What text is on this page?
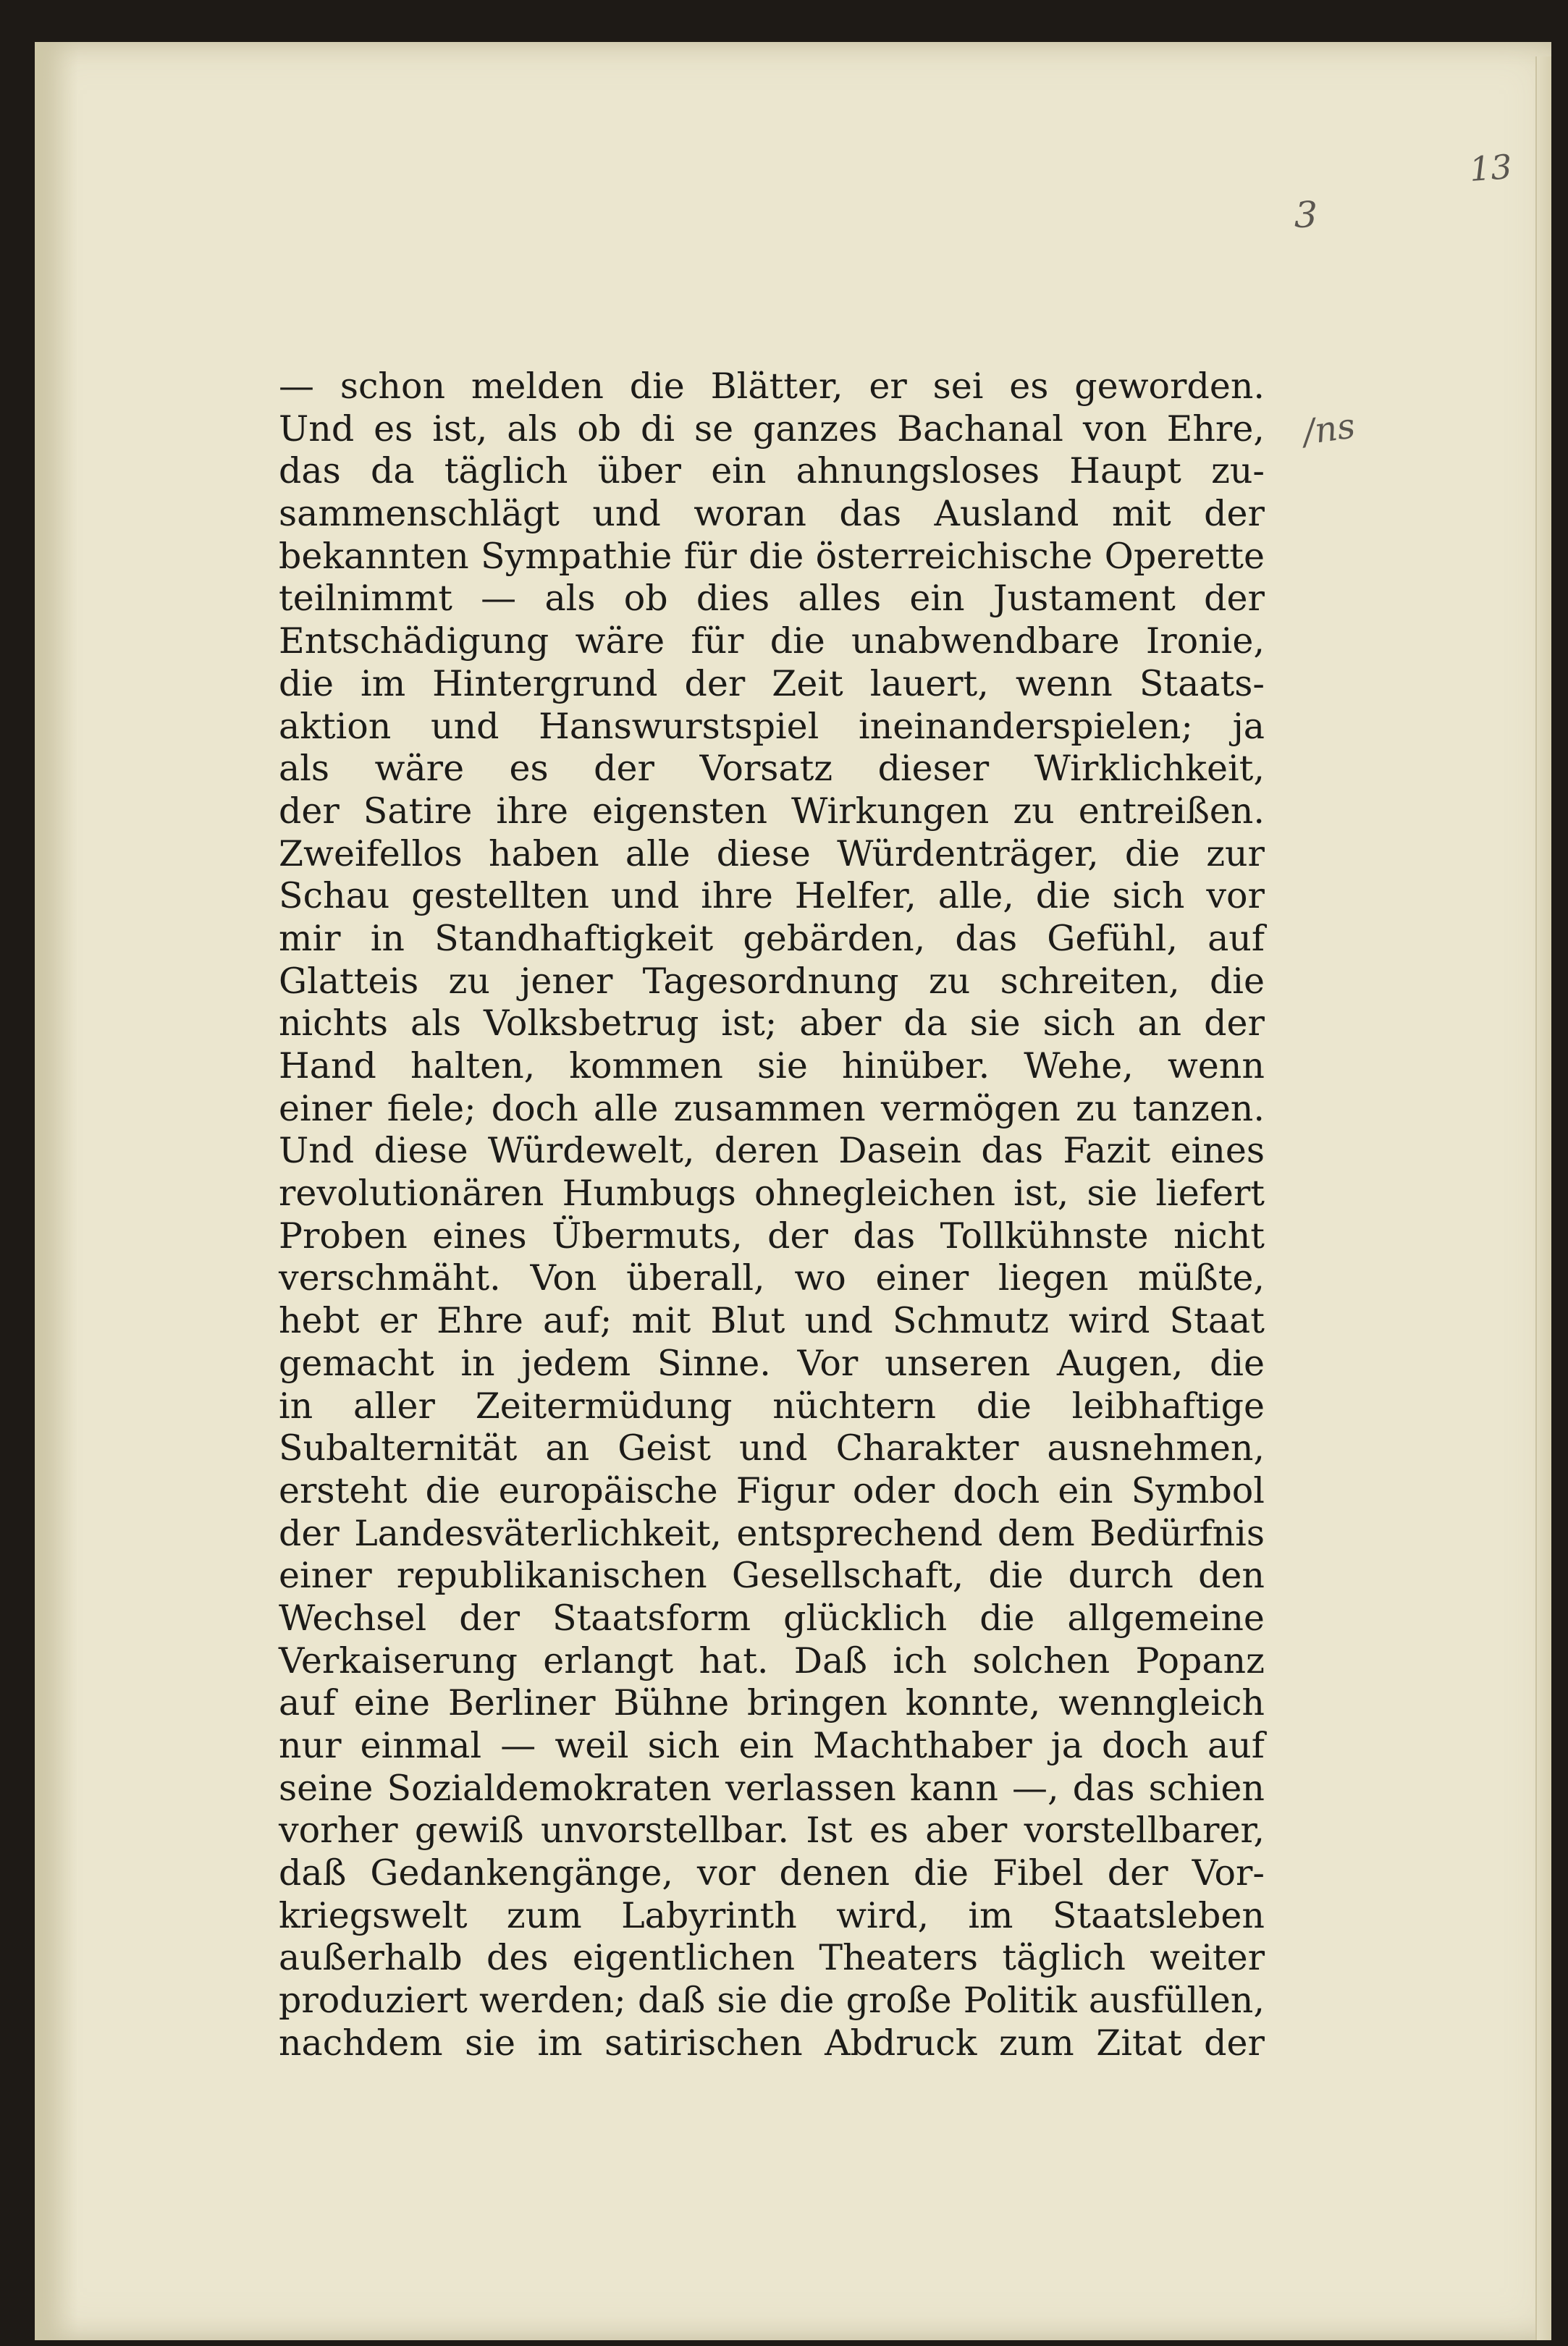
13
3
/ns
— schon melden die Blätter, er sei es geworden.
Und es ist, als ob di se ganzes Bachanal von Ehre,
das da täglich über ein ahnungsloses Haupt zu-
sammenschlägt und woran das Ausland mit der
bekannten Sympathie für die österreichische Operette
teilnimmt — als ob dies alles ein Justament der
Entschädigung wäre für die unabwendbare Ironie,
die im Hintergrund der Zeit lauert, wenn Staats-
aktion und Hanswurstspiel ineinanderspielen; ja
als wäre es der Vorsatz dieser Wirklichkeit,
der Satire ihre eigensten Wirkungen zu entreißen.
Zweifellos haben alle diese Würdenträger, die zur
Schau gestellten und ihre Helfer, alle, die sich vor
mir in Standhaftigkeit gebärden, das Gefühl, auf
Glatteis zu jener Tagesordnung zu schreiten, die
nichts als Volksbetrug ist; aber da sie sich an der
Hand halten, kommen sie hinüber. Wehe, wenn
einer fiele; doch alle zusammen vermögen zu tanzen.
Und diese Würdewelt, deren Dasein das Fazit eines
revolutionären Humbugs ohnegleichen ist, sie liefert
Proben eines Übermuts, der das Tollkühnste nicht
verschmäht. Von überall, wo einer liegen müßte,
hebt er Ehre auf; mit Blut und Schmutz wird Staat
gemacht in jedem Sinne. Vor unseren Augen, die
in aller Zeitermüdung nüchtern die leibhaftige
Subalternität an Geist und Charakter ausnehmen,
ersteht die europäische Figur oder doch ein Symbol
der Landesväterlichkeit, entsprechend dem Bedürfnis
einer republikanischen Gesellschaft, die durch den
Wechsel der Staatsform glücklich die allgemeine
Verkaiserung erlangt hat. Daß ich solchen Popanz
auf eine Berliner Bühne bringen konnte, wenngleich
nur einmal — weil sich ein Machthaber ja doch auf
seine Sozialdemokraten verlassen kann —, das schien
vorher gewiß unvorstellbar. Ist es aber vorstellbarer,
daß Gedankengänge, vor denen die Fibel der Vor-
kriegswelt zum Labyrinth wird, im Staatsleben
außerhalb des eigentlichen Theaters täglich weiter
produziert werden; daß sie die große Politik ausfüllen,
nachdem sie im satirischen Abdruck zum Zitat der
